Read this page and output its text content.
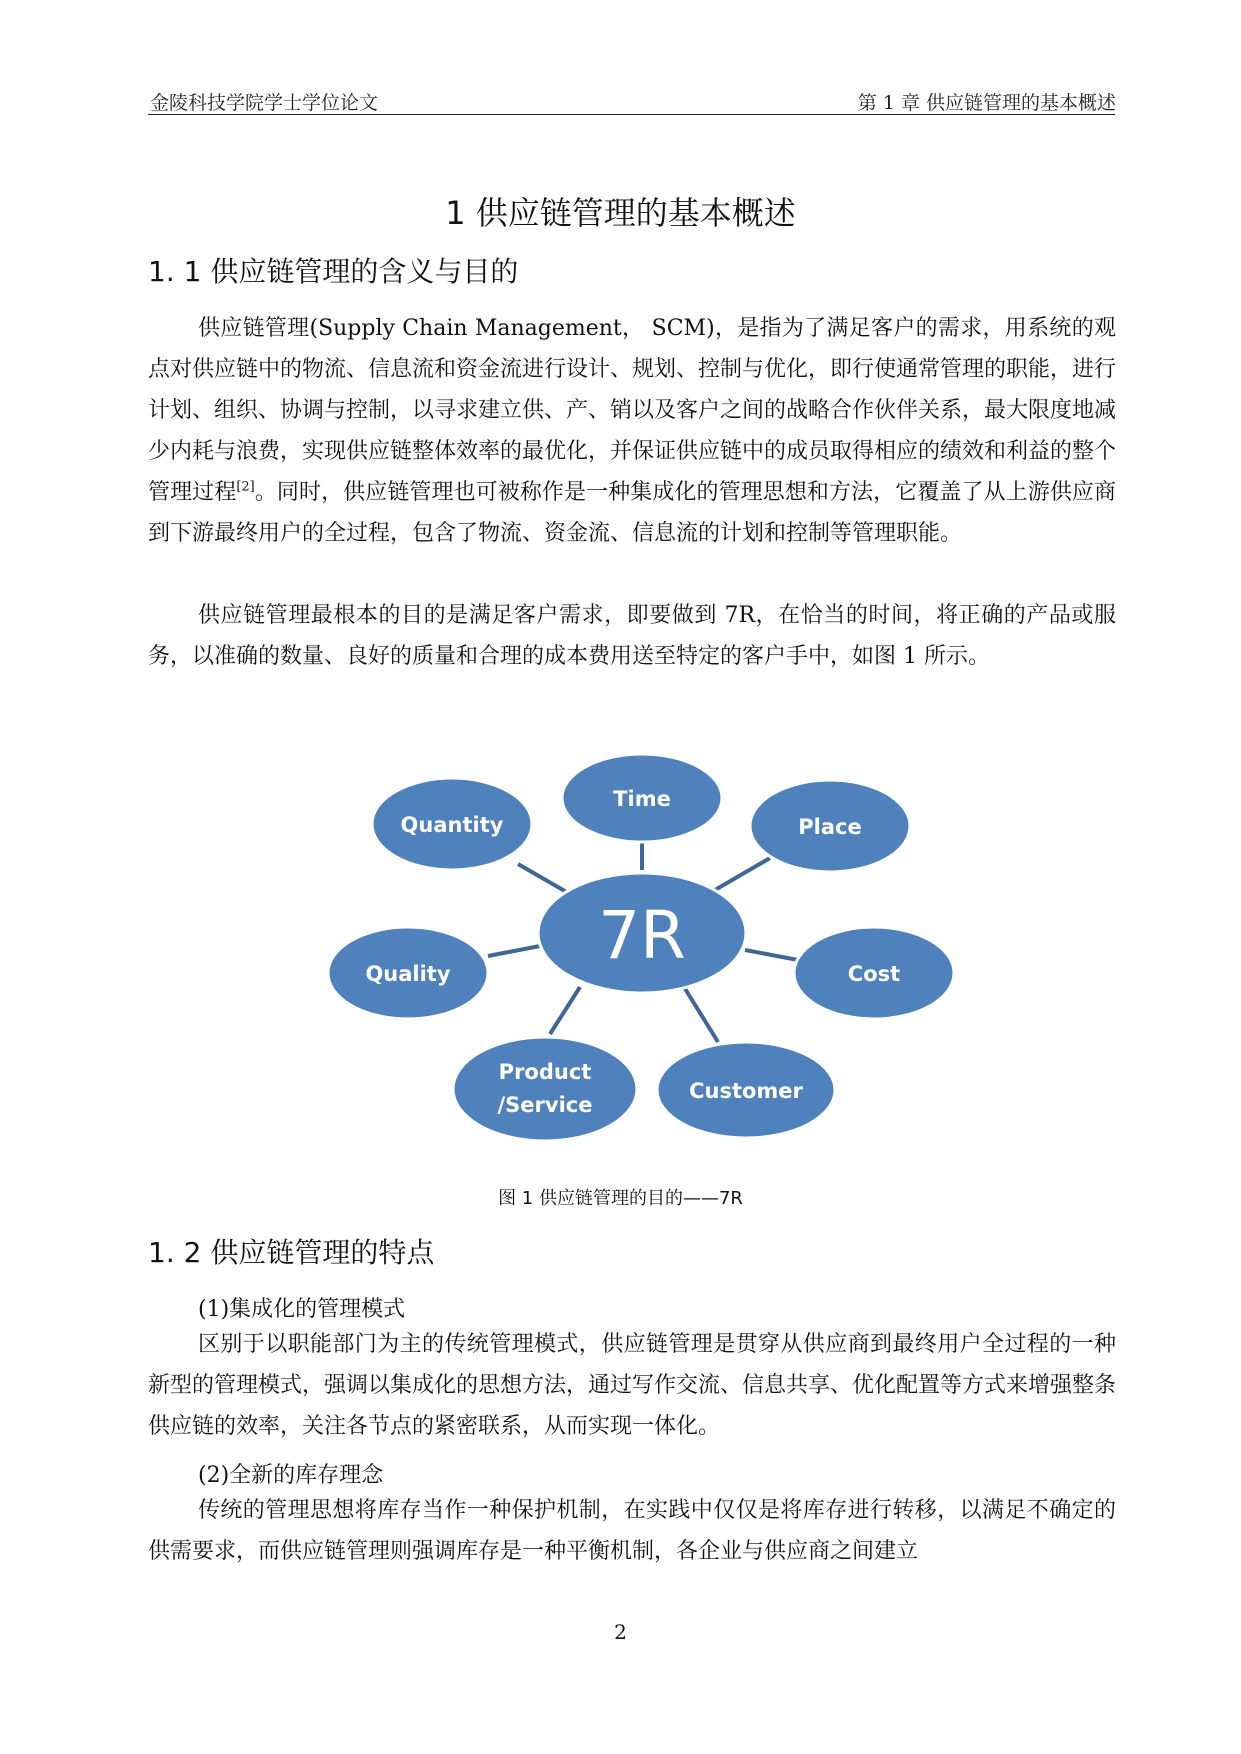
金陵科技学院学士学位论文	第 1 章 供应链管理的基本概述
1 供应链管理的基本概述
1. 1 供应链管理的含义与目的

供应链管理(Supply Chain Management， SCM)，是指为了满足客户的需求，用系统的观点对供应链中的物流、信息流和资金流进行设计、规划、控制与优化，即行使通常管理的职能，进行计划、组织、协调与控制，以寻求建立供、产、销以及客户之间的战略合作伙伴关系，最大限度地减少内耗与浪费，实现供应链整体效率的最优化，并保证供应链中的成员取得相应的绩效和利益的整个管理过程[2]。同时，供应链管理也可被称作是一种集成化的管理思想和方法，它覆盖了从上游供应商到下游最终用户的全过程，包含了物流、资金流、信息流的计划和控制等管理职能。

供应链管理最根本的目的是满足客户需求，即要做到 7R，在恰当的时间，将正确的产品或服务，以准确的数量、良好的质量和合理的成本费用送至特定的客户手中，如图 1 所示。

Time
Place
Cost
Customer
Product
/Service
Quality
Quantity
7R
图 1 供应链管理的目的——7R
1. 2 供应链管理的特点
(1)集成化的管理模式

区别于以职能部门为主的传统管理模式，供应链管理是贯穿从供应商到最终用户全过程的一种新型的管理模式，强调以集成化的思想方法，通过写作交流、信息共享、优化配置等方式来增强整条供应链的效率，关注各节点的紧密联系，从而实现一体化。

(2)全新的库存理念

传统的管理思想将库存当作一种保护机制，在实践中仅仅是将库存进行转移，以满足不确定的供需要求，而供应链管理则强调库存是一种平衡机制，各企业与供应商之间建立

2
